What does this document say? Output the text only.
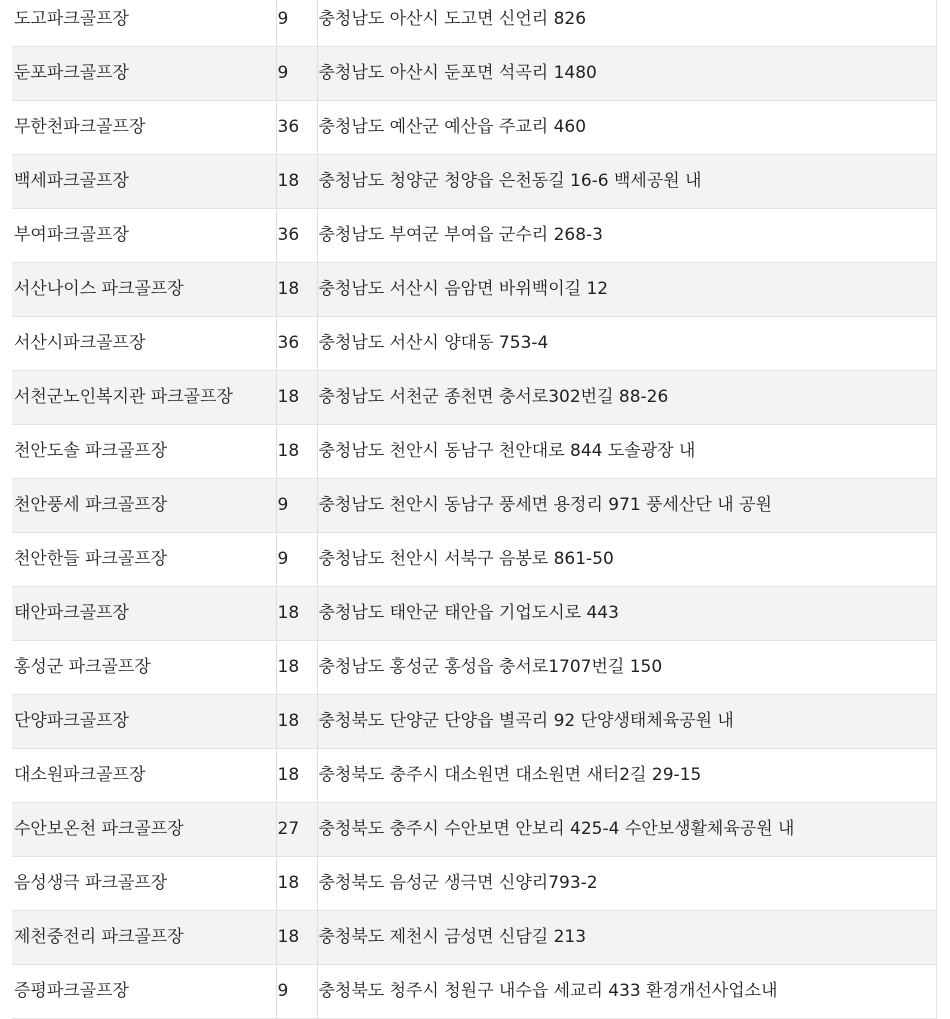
도고파크골프장	9	충청남도 아산시 도고면 신언리 826
둔포파크골프장	9	충청남도 아산시 둔포면 석곡리 1480
무한천파크골프장	36	충청남도 예산군 예산읍 주교리 460
백세파크골프장	18	충청남도 청양군 청양읍 은천동길 16-6 백세공원 내
부여파크골프장	36	충청남도 부여군 부여읍 군수리 268-3
서산나이스 파크골프장	18	충청남도 서산시 음암면 바위백이길 12
서산시파크골프장	36	충청남도 서산시 양대동 753-4
서천군노인복지관 파크골프장	18	충청남도 서천군 종천면 충서로302번길 88-26
천안도솔 파크골프장	18	충청남도 천안시 동남구 천안대로 844 도솔광장 내
천안풍세 파크골프장	9	충청남도 천안시 동남구 풍세면 용정리 971 풍세산단 내 공원
천안한들 파크골프장	9	충청남도 천안시 서북구 음봉로 861-50
태안파크골프장	18	충청남도 태안군 태안읍 기업도시로 443
홍성군 파크골프장	18	충청남도 홍성군 홍성읍 충서로1707번길 150
단양파크골프장	18	충청북도 단양군 단양읍 별곡리 92 단양생태체육공원 내
대소원파크골프장	18	충청북도 충주시 대소원면 대소원면 새터2길 29-15
수안보온천 파크골프장	27	충청북도 충주시 수안보면 안보리 425-4 수안보생활체육공원 내
음성생극 파크골프장	18	충청북도 음성군 생극면 신양리793-2
제천중전리 파크골프장	18	충청북도 제천시 금성면 신담길 213
증평파크골프장	9	충청북도 청주시 청원구 내수읍 세교리 433 환경개선사업소내
